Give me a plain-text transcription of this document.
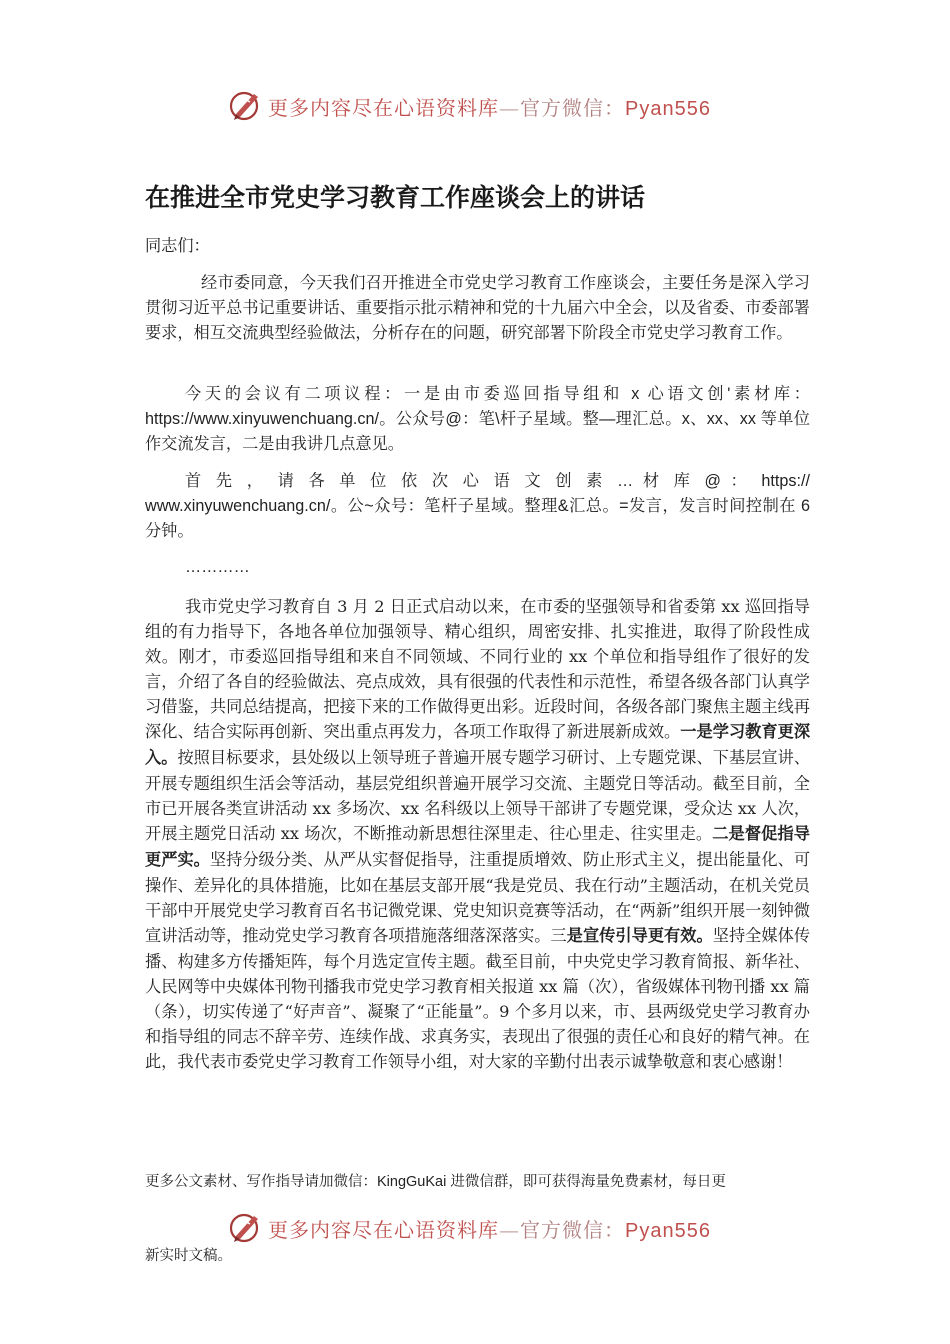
更多内容尽在心语资料库—官方微信：Pyan556
在推进全市党史学习教育工作座谈会上的讲话
同志们：
经市委同意，今天我们召开推进全市党史学习教育工作座谈会，主要任务是深入学习贯彻习近平总书记重要讲话、重要指示批示精神和党的十九届六中全会，以及省委、市委部署要求，相互交流典型经验做法，分析存在的问题，研究部署下阶段全市党史学习教育工作。
今天的会议有二项议程：一是由市委巡回指导组和 x 心语文创'素材库：https://www.xinyuwenchuang.cn/。公众号@：笔\杆子星域。整—理汇总。x、xx、xx 等单位作交流发言，二是由我讲几点意见。
首 先 ， 请 各 单 位 依 次 心 语 文 创 素 … 材 库 @ ： https://
www.xinyuwenchuang.cn/。公~众号：笔杆子星域。整理&汇总。=发言，发言时间控制在 6 分钟。
…………
我市党史学习教育自 3 月 2 日正式启动以来，在市委的坚强领导和省委第 xx 巡回指导组的有力指导下，各地各单位加强领导、精心组织，周密安排、扎实推进，取得了阶段性成效。刚才，市委巡回指导组和来自不同领域、不同行业的 xx 个单位和指导组作了很好的发言，介绍了各自的经验做法、亮点成效，具有很强的代表性和示范性，希望各级各部门认真学习借鉴，共同总结提高，把接下来的工作做得更出彩。近段时间，各级各部门聚焦主题主线再深化、结合实际再创新、突出重点再发力，各项工作取得了新进展新成效。一是学习教育更深入。按照目标要求，县处级以上领导班子普遍开展专题学习研讨、上专题党课、下基层宣讲、开展专题组织生活会等活动，基层党组织普遍开展学习交流、主题党日等活动。截至目前，全市已开展各类宣讲活动 xx 多场次、xx 名科级以上领导干部讲了专题党课，受众达 xx 人次，开展主题党日活动 xx 场次，不断推动新思想往深里走、往心里走、往实里走。二是督促指导更严实。坚持分级分类、从严从实督促指导，注重提质增效、防止形式主义，提出能量化、可操作、差异化的具体措施，比如在基层支部开展“我是党员、我在行动”主题活动，在机关党员干部中开展党史学习教育百名书记微党课、党史知识竞赛等活动，在“两新”组织开展一刻钟微宣讲活动等，推动党史学习教育各项措施落细落深落实。三是宣传引导更有效。坚持全媒体传播、构建多方传播矩阵，每个月选定宣传主题。截至目前，中央党史学习教育简报、新华社、人民网等中央媒体刊物刊播我市党史学习教育相关报道 xx 篇（次），省级媒体刊物刊播 xx 篇（条），切实传递了“好声音”、凝聚了“正能量”。9 个多月以来，市、县两级党史学习教育办和指导组的同志不辞辛劳、连续作战、求真务实，表现出了很强的责任心和良好的精气神。在此，我代表市委党史学习教育工作领导小组，对大家的辛勤付出表示诚挚敬意和衷心感谢！
更多公文素材、写作指导请加微信：KingGuKai 进微信群，即可获得海量免费素材，每日更
更多内容尽在心语资料库—官方微信：Pyan556
新实时文稿。
